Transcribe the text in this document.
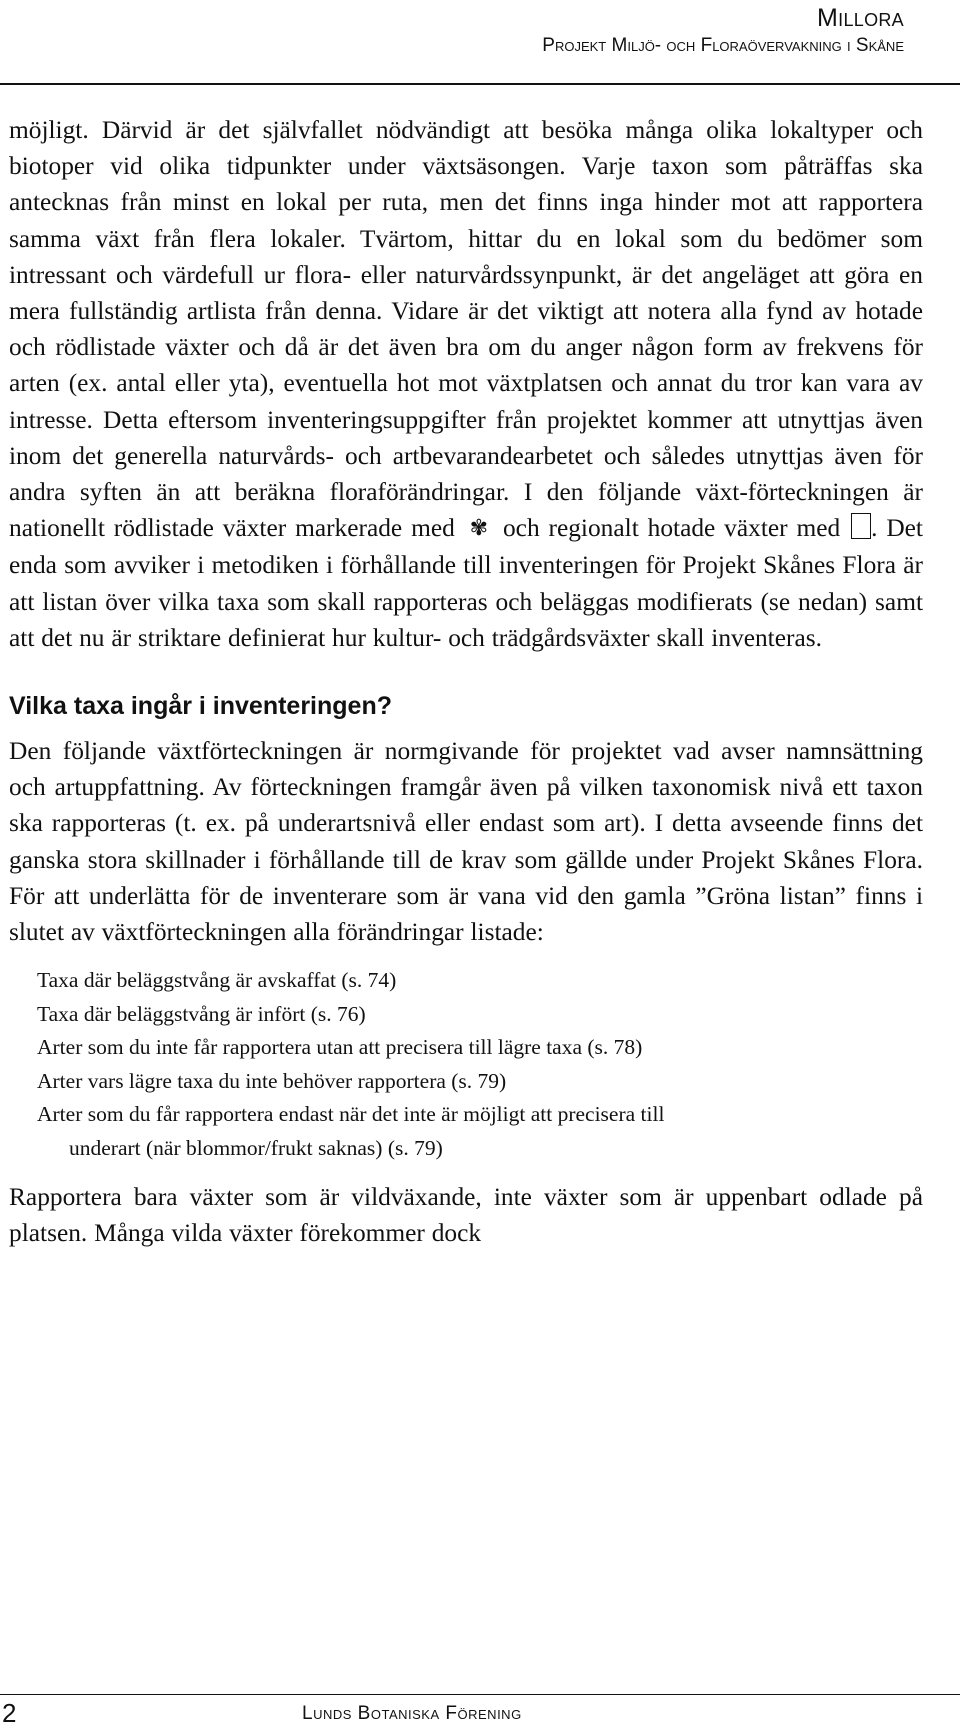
Millora
Projekt Miljö- och Floraövervakning i Skåne

möjligt. Därvid är det självfallet nödvändigt att besöka många olika lokaltyper och biotoper vid olika tidpunkter under växtsäsongen. Varje taxon som påträffas ska antecknas från minst en lokal per ruta, men det finns inga hinder mot att rapportera samma växt från flera lokaler. Tvärtom, hittar du en lokal som du bedömer som intressant och värdefull ur flora- eller naturvårdssynpunkt, är det angeläget att göra en mera fullständig artlista från denna. Vidare är det viktigt att notera alla fynd av hotade och rödlistade växter och då är det även bra om du anger någon form av frekvens för arten (ex. antal eller yta), eventuella hot mot växtplatsen och annat du tror kan vara av intresse. Detta eftersom inventeringsuppgifter från projektet kommer att utnyttjas även inom det generella naturvårds- och artbevarandearbetet och således utnyttjas även för andra syften än att beräkna floraförändringar. I den följande växt-förteckningen är nationellt rödlistade växter markerade med ✾ och regionalt hotade växter med . Det enda som avviker i metodiken i förhållande till inventeringen för Projekt Skånes Flora är att listan över vilka taxa som skall rapporteras och beläggas modifierats (se nedan) samt att det nu är striktare definierat hur kultur- och trädgårdsväxter skall inventeras.

Vilka taxa ingår i inventeringen?

Den följande växtförteckningen är normgivande för projektet vad avser namnsättning och artuppfattning. Av förteckningen framgår även på vilken taxonomisk nivå ett taxon ska rapporteras (t. ex. på underartsnivå eller endast som art). I detta avseende finns det ganska stora skillnader i förhållande till de krav som gällde under Projekt Skånes Flora. För att underlätta för de inventerare som är vana vid den gamla ”Gröna listan” finns i slutet av växtförteckningen alla förändringar listade:

Taxa där beläggstvång är avskaffat (s. 74)
Taxa där beläggstvång är infört (s. 76)
Arter som du inte får rapportera utan att precisera till lägre taxa (s. 78)
Arter vars lägre taxa du inte behöver rapportera (s. 79)
Arter som du får rapportera endast när det inte är möjligt att precisera till
underart (när blommor/frukt saknas) (s. 79)

Rapportera bara växter som är vildväxande, inte växter som är uppenbart odlade på platsen. Många vilda växter förekommer dock

2	Lunds Botaniska Förening
